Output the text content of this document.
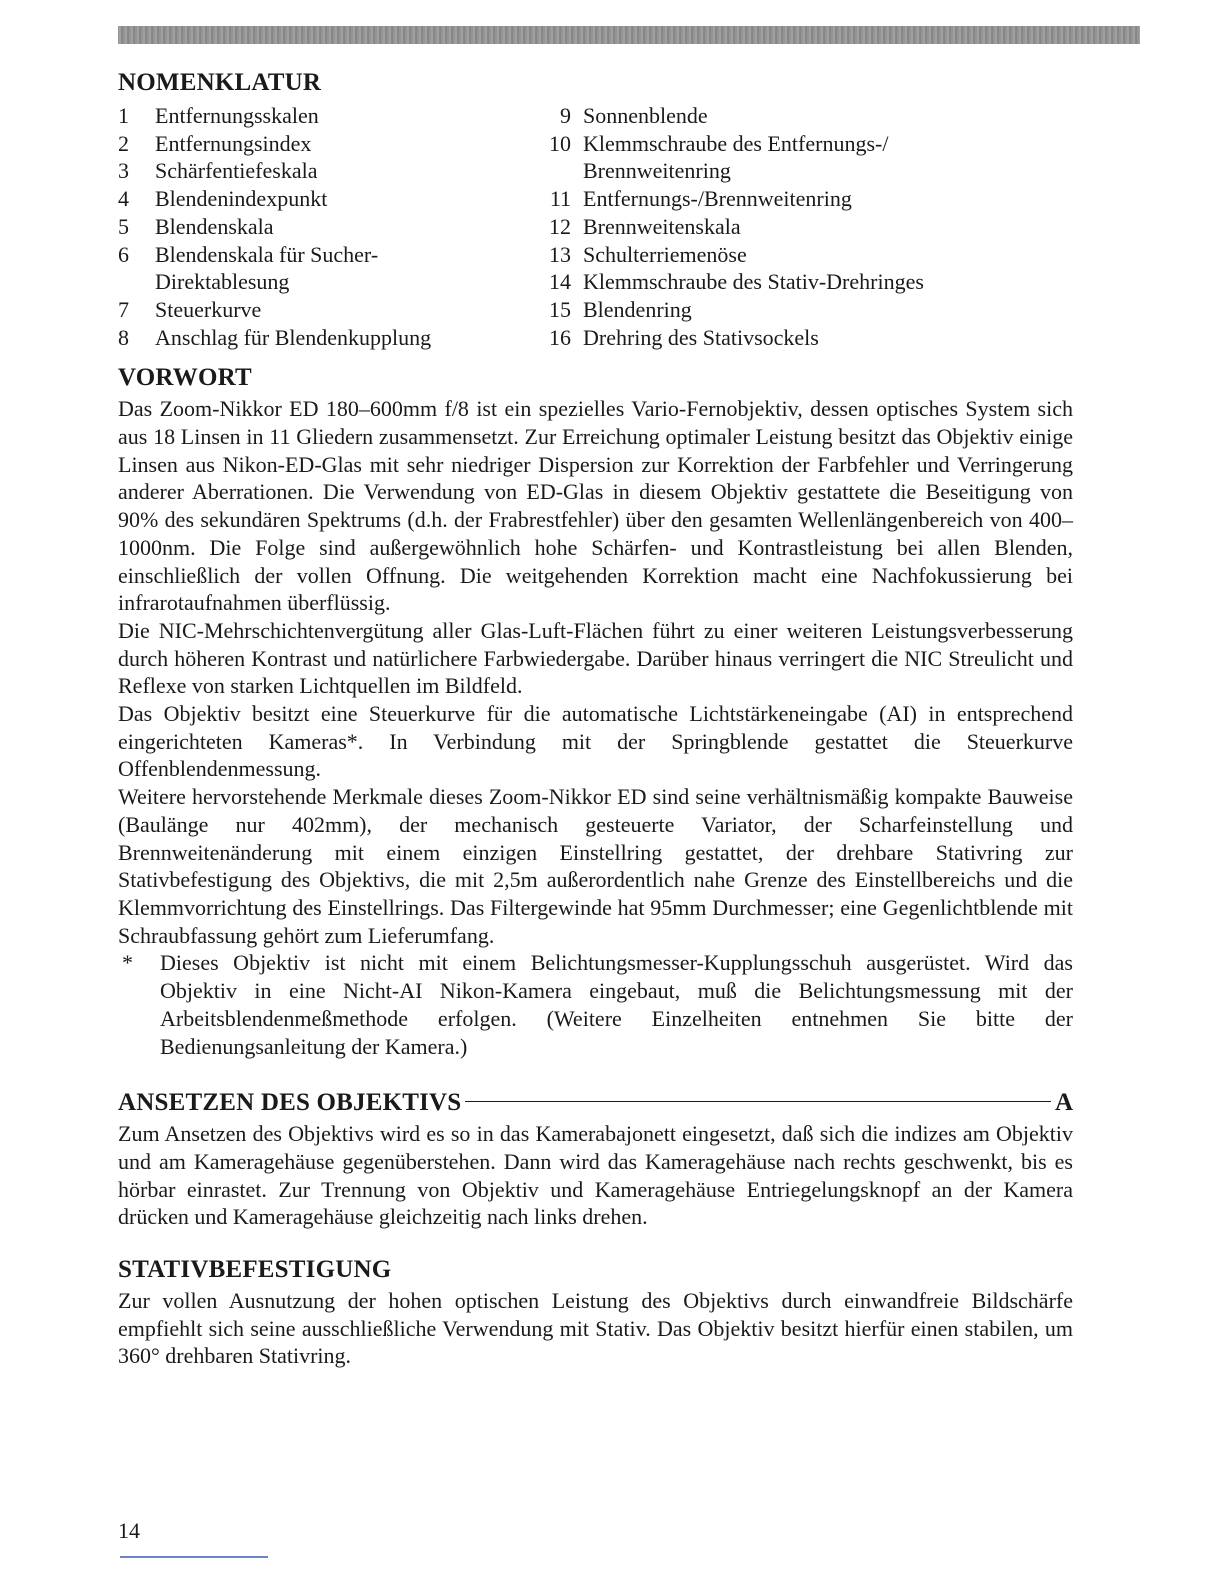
NOMENKLATUR
1	Entfernungsskalen
2	Entfernungsindex
3	Schärfentiefeskala
4	Blendenindexpunkt
5	Blendenskala
6	Blendenskala für Sucher-
Direktablesung
7	Steuerkurve
8	Anschlag für Blendenkupplung
9 Sonnenblende
10 Klemmschraube des Entfernungs-/
Brennweitenring
11 Entfernungs-/Brennweitenring
12 Brennweitenskala
13 Schulterriemenöse
14 Klemmschraube des Stativ-Drehringes
15 Blendenring
16 Drehring des Stativsockels
VORWORT

Das Zoom-Nikkor ED 180–600mm f/8 ist ein spezielles Vario-Fernobjektiv, dessen optisches System sich aus 18 Linsen in 11 Gliedern zusammensetzt. Zur Erreichung optimaler Leistung besitzt das Objektiv einige Linsen aus Nikon-ED-Glas mit sehr niedriger Dispersion zur Korrektion der Farbfehler und Verringerung anderer Aberrationen. Die Verwendung von ED-Glas in diesem Objektiv gestattete die Beseitigung von 90% des sekundären Spektrums (d.h. der Frabrestfehler) über den gesamten Wellenlängenbereich von 400–1000nm. Die Folge sind außergewöhnlich hohe Schärfen- und Kontrastleistung bei allen Blenden, einschließlich der vollen Offnung. Die weitgehenden Korrektion macht eine Nachfokussierung bei infrarotaufnahmen überflüssig.

Die NIC-Mehrschichtenvergütung aller Glas-Luft-Flächen führt zu einer weiteren Leistungsverbesserung durch höheren Kontrast und natürlichere Farbwiedergabe. Darüber hinaus verringert die NIC Streulicht und Reflexe von starken Lichtquellen im Bildfeld.

Das Objektiv besitzt eine Steuerkurve für die automatische Lichtstärkeneingabe (AI) in entsprechend eingerichteten Kameras*. In Verbindung mit der Springblende gestattet die Steuerkurve Offenblendenmessung.

Weitere hervorstehende Merkmale dieses Zoom-Nikkor ED sind seine verhältnismäßig kompakte Bauweise (Baulänge nur 402mm), der mechanisch gesteuerte Variator, der Scharfeinstellung und Brennweitenänderung mit einem einzigen Einstellring gestattet, der drehbare Stativring zur Stativbefestigung des Objektivs, die mit 2,5m außerordentlich nahe Grenze des Einstellbereichs und die Klemmvorrichtung des Einstellrings. Das Filtergewinde hat 95mm Durchmesser; eine Gegenlichtblende mit Schraubfassung gehört zum Lieferumfang.

*	Dieses Objektiv ist nicht mit einem Belichtungsmesser-Kupplungsschuh ausgerüstet. Wird das Objektiv in eine Nicht-AI Nikon-Kamera eingebaut, muß die Belichtungsmessung mit der Arbeitsblendenmeßmethode erfolgen. (Weitere Einzelheiten entnehmen Sie bitte der Bedienungsanleitung der Kamera.)

ANSETZEN DES OBJEKTIVS	A

Zum Ansetzen des Objektivs wird es so in das Kamerabajonett eingesetzt, daß sich die indizes am Objektiv und am Kameragehäuse gegenüberstehen. Dann wird das Kameragehäuse nach rechts geschwenkt, bis es hörbar einrastet. Zur Trennung von Objektiv und Kameragehäuse Entriegelungsknopf an der Kamera drücken und Kameragehäuse gleichzeitig nach links drehen.

STATIVBEFESTIGUNG

Zur vollen Ausnutzung der hohen optischen Leistung des Objektivs durch einwandfreie Bildschärfe empfiehlt sich seine ausschließliche Verwendung mit Stativ. Das Objektiv besitzt hierfür einen stabilen, um 360° drehbaren Stativring.

14
